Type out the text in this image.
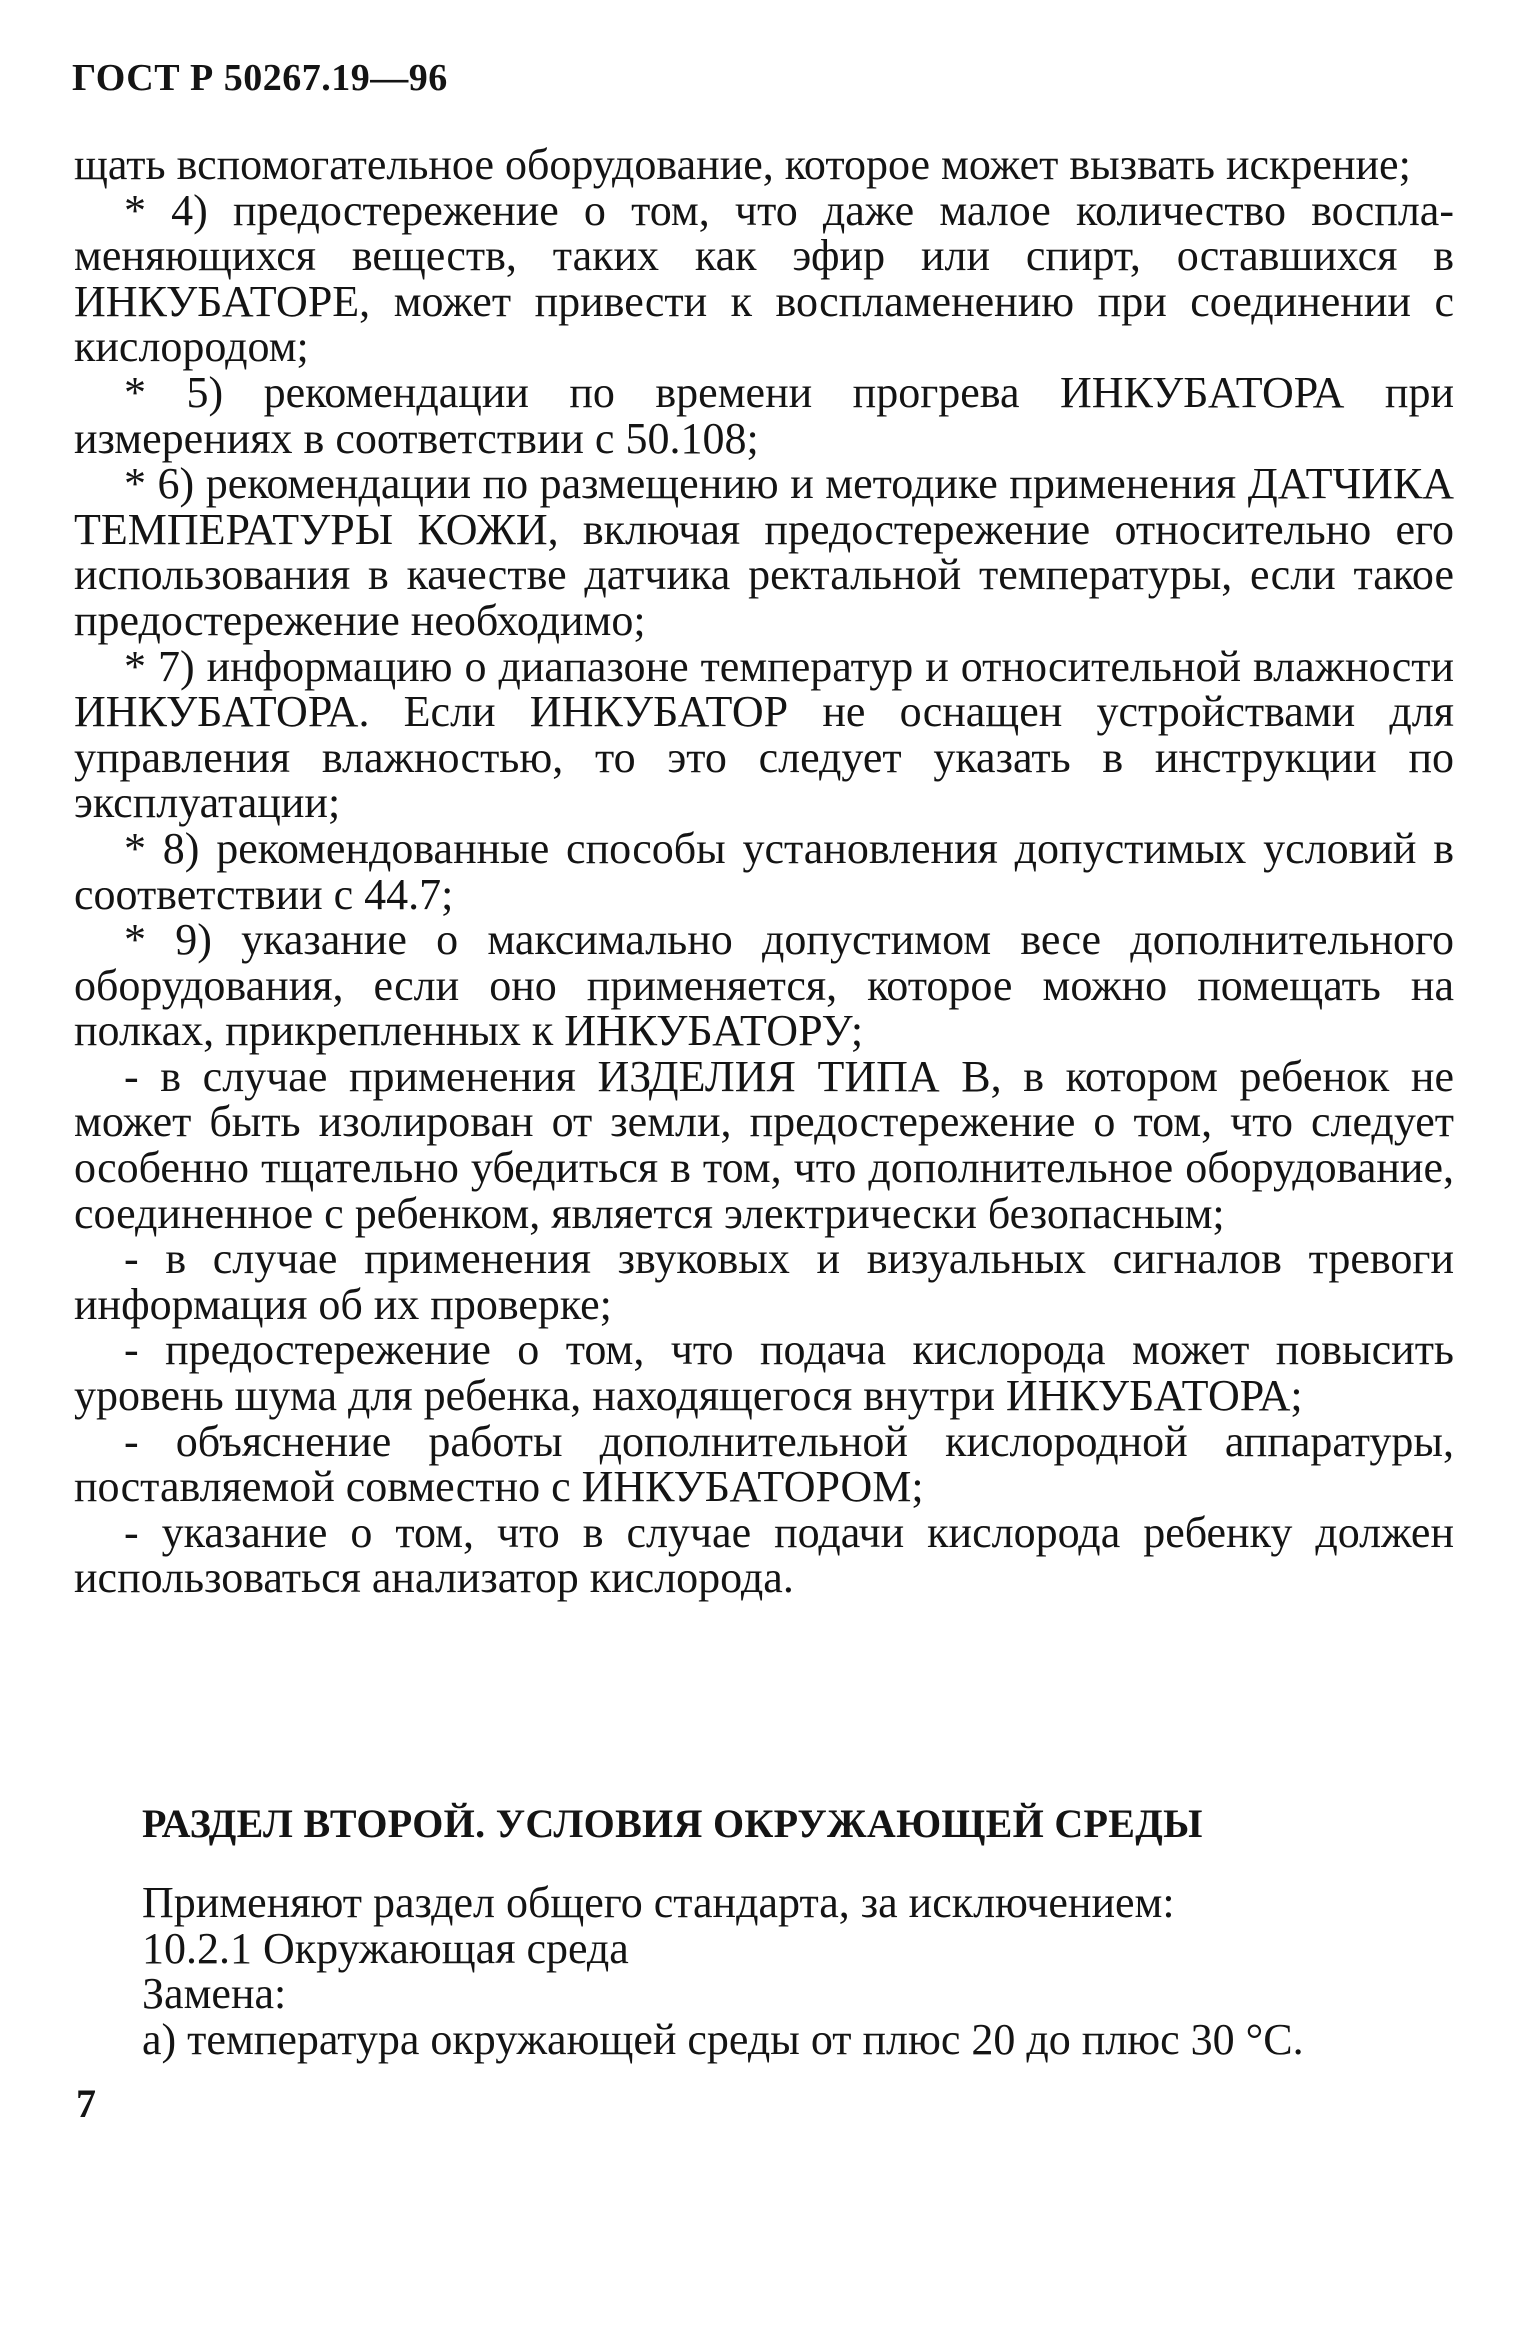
ГОСТ Р 50267.19—96

щать вспомогательное оборудование, которое может вызвать искрение;

* 4) предостережение о том, что даже малое количество воспламеняющихся веществ, таких как эфир или спирт, оставшихся в ИНКУБАТОРЕ, может привести к воспламенению при соединении с кислородом;

* 5) рекомендации по времени прогрева ИНКУБАТОРА при измерениях в соответствии с 50.108;

* 6) рекомендации по размещению и методике применения ДАТЧИКА ТЕМПЕРАТУРЫ КОЖИ, включая предостережение относительно его использования в качестве датчика ректальной температуры, если такое предостережение необходимо;

* 7) информацию о диапазоне температур и относительной влажности ИНКУБАТОРА. Если ИНКУБАТОР не оснащен устройствами для управления влажностью, то это следует указать в инструкции по эксплуатации;

* 8) рекомендованные способы установления допустимых условий в соответствии с 44.7;

* 9) указание о максимально допустимом весе дополнительного оборудования, если оно применяется, которое можно помещать на полках, прикрепленных к ИНКУБАТОРУ;

- в случае применения ИЗДЕЛИЯ ТИПА В, в котором ребенок не может быть изолирован от земли, предостережение о том, что следует особенно тщательно убедиться в том, что дополнительное оборудование, соединенное с ребенком, является электрически безопасным;

- в случае применения звуковых и визуальных сигналов тревоги информация об их проверке;

- предостережение о том, что подача кислорода может повысить уровень шума для ребенка, находящегося внутри ИНКУБАТОРА;

- объяснение работы дополнительной кислородной аппаратуры, поставляемой совместно с ИНКУБАТОРОМ;

- указание о том, что в случае подачи кислорода ребенку должен использоваться анализатор кислорода.

РАЗДЕЛ ВТОРОЙ. УСЛОВИЯ ОКРУЖАЮЩЕЙ СРЕДЫ

Применяют раздел общего стандарта, за исключением:

10.2.1 Окружающая среда

Замена:

а) температура окружающей среды от плюс 20 до плюс 30 °С.

7
